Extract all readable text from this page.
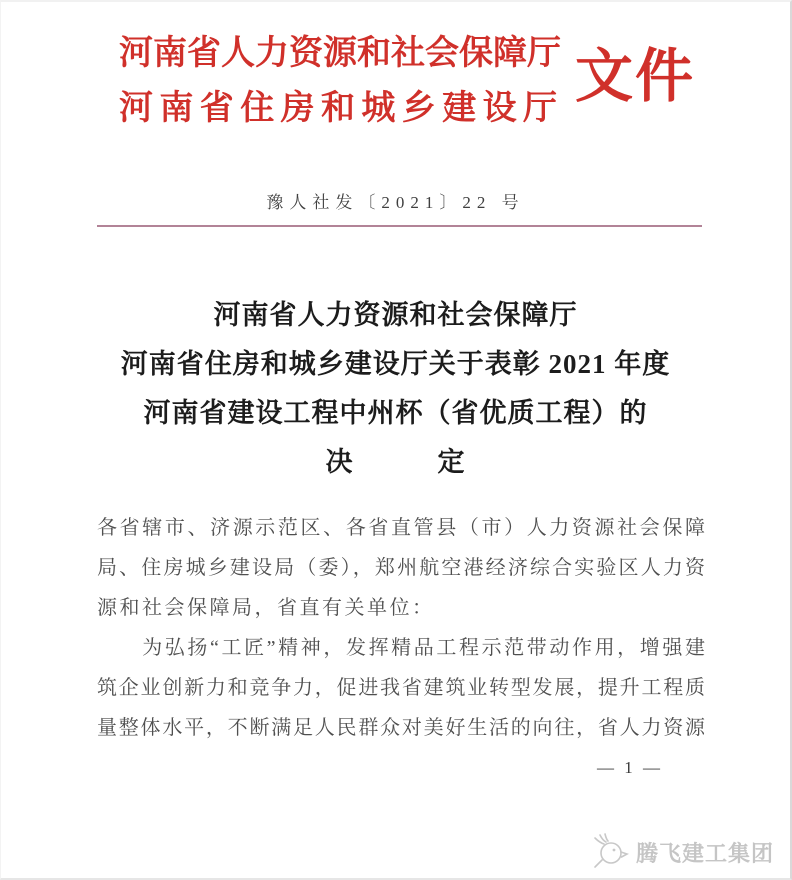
河南省人力资源和社会保障厅
河南省住房和城乡建设厅 文件
豫人社发〔2021〕22 号
河南省人力资源和社会保障厅
河南省住房和城乡建设厅关于表彰 2021 年度
河南省建设工程中州杯（省优质工程）的
决　　　定
各省辖市、济源示范区、各省直管县（市）人力资源社会保障
局、住房城乡建设局（委），郑州航空港经济综合实验区人力资
源和社会保障局，省直有关单位：
　　为弘扬“工匠”精神，发挥精品工程示范带动作用，增强建
筑企业创新力和竞争力，促进我省建筑业转型发展，提升工程质
量整体水平，不断满足人民群众对美好生活的向往，省人力资源
— 1 —
腾飞建工集团
